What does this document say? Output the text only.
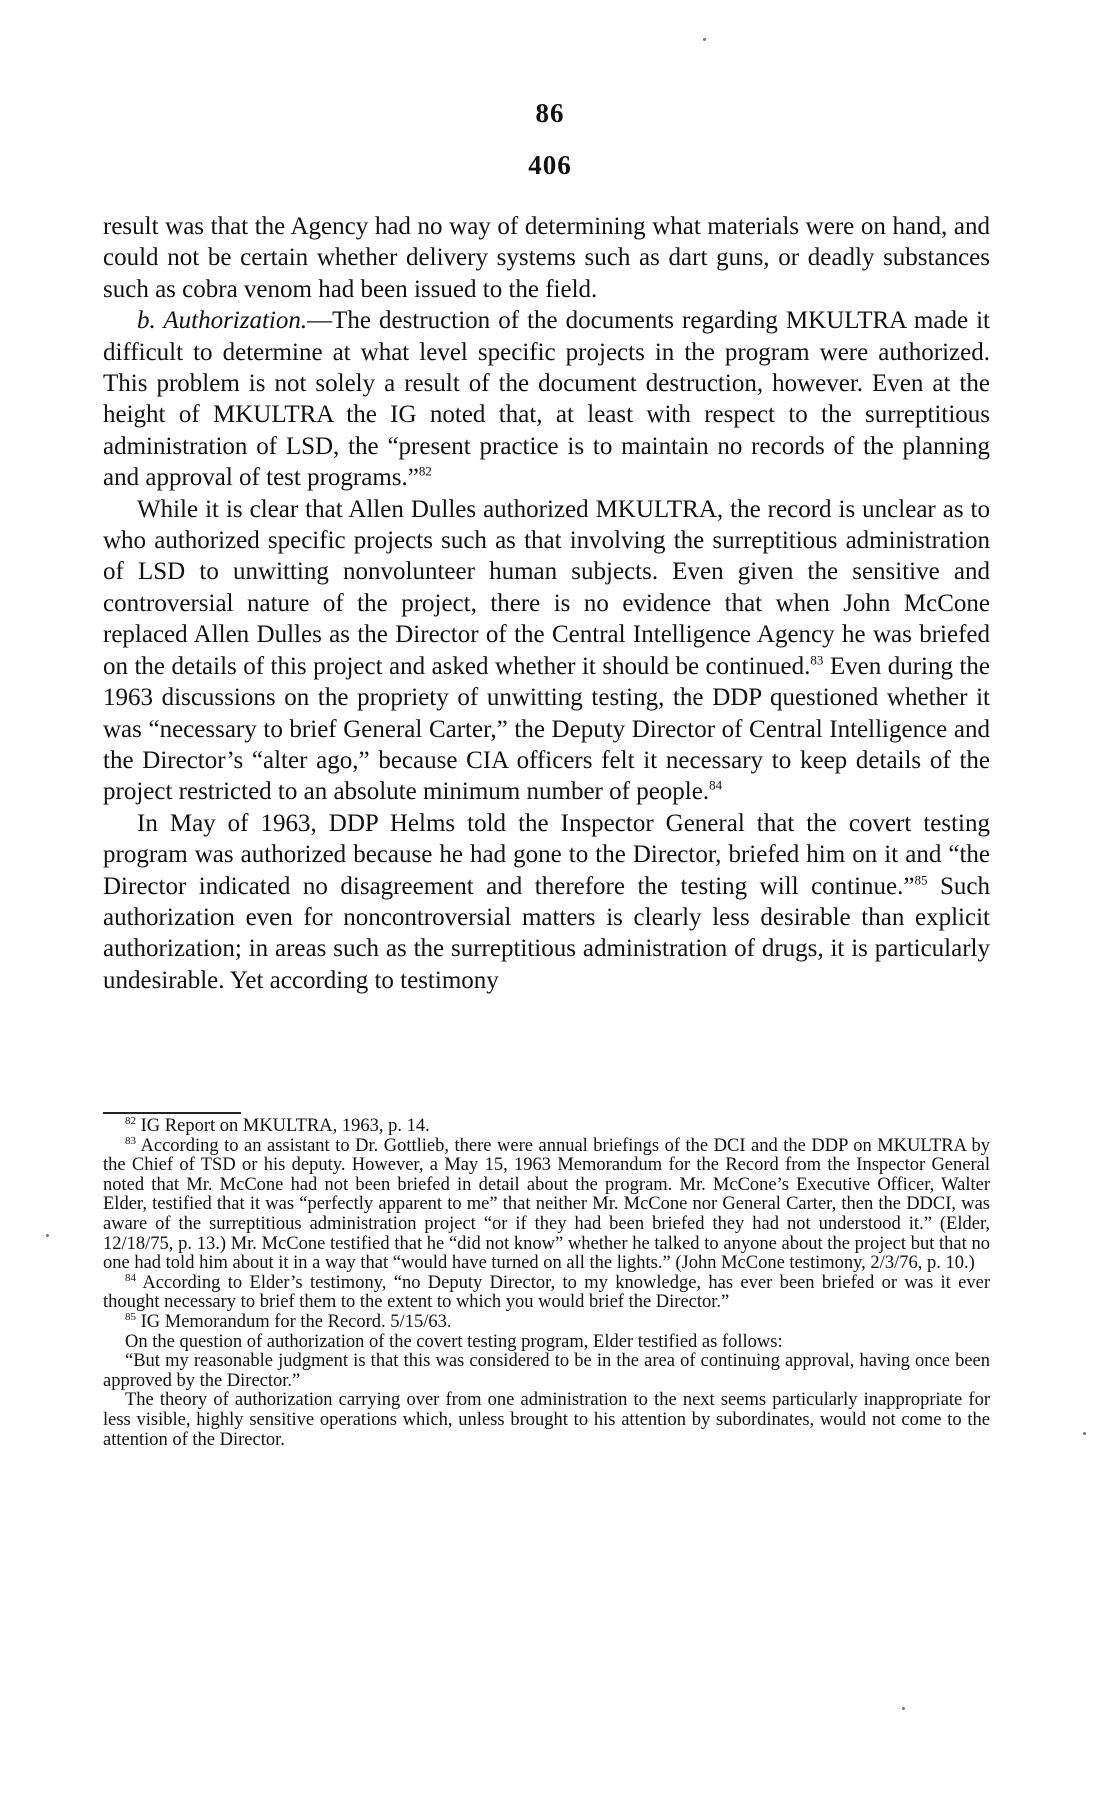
86
406

result was that the Agency had no way of determining what materials were on hand, and could not be certain whether delivery systems such as dart guns, or deadly substances such as cobra venom had been issued to the field.

b. Authorization.—The destruction of the documents regarding MKULTRA made it difficult to determine at what level specific projects in the program were authorized. This problem is not solely a result of the document destruction, however. Even at the height of MKULTRA the IG noted that, at least with respect to the surreptitious administration of LSD, the “present practice is to maintain no records of the planning and approval of test programs.”$^{82}$

While it is clear that Allen Dulles authorized MKULTRA, the record is unclear as to who authorized specific projects such as that involving the surreptitious administration of LSD to unwitting nonvolunteer human subjects. Even given the sensitive and controversial nature of the project, there is no evidence that when John McCone replaced Allen Dulles as the Director of the Central Intelligence Agency he was briefed on the details of this project and asked whether it should be continued.$^{83}$ Even during the 1963 discussions on the propriety of unwitting testing, the DDP questioned whether it was “necessary to brief General Carter,” the Deputy Director of Central Intelligence and the Director’s “alter ago,” because CIA officers felt it necessary to keep details of the project restricted to an absolute minimum number of people.$^{84}$

In May of 1963, DDP Helms told the Inspector General that the covert testing program was authorized because he had gone to the Director, briefed him on it and “the Director indicated no disagreement and therefore the testing will continue.”$^{85}$ Such authorization even for noncontroversial matters is clearly less desirable than explicit authorization; in areas such as the surreptitious administration of drugs, it is particularly undesirable. Yet according to testimony

$^{82}$ IG Report on MKULTRA, 1963, p. 14.

$^{83}$ According to an assistant to Dr. Gottlieb, there were annual briefings of the DCI and the DDP on MKULTRA by the Chief of TSD or his deputy. However, a May 15, 1963 Memorandum for the Record from the Inspector General noted that Mr. McCone had not been briefed in detail about the program. Mr. McCone’s Executive Officer, Walter Elder, testified that it was “perfectly apparent to me” that neither Mr. McCone nor General Carter, then the DDCI, was aware of the surreptitious administration project “or if they had been briefed they had not understood it.” (Elder, 12/18/75, p. 13.) Mr. McCone testified that he “did not know” whether he talked to anyone about the project but that no one had told him about it in a way that “would have turned on all the lights.” (John McCone testimony, 2/3/76, p. 10.)

$^{84}$ According to Elder’s testimony, “no Deputy Director, to my knowledge, has ever been briefed or was it ever thought necessary to brief them to the extent to which you would brief the Director.”

$^{85}$ IG Memorandum for the Record. 5/15/63.

On the question of authorization of the covert testing program, Elder testified as follows:

“But my reasonable judgment is that this was considered to be in the area of continuing approval, having once been approved by the Director.”

The theory of authorization carrying over from one administration to the next seems particularly inappropriate for less visible, highly sensitive operations which, unless brought to his attention by subordinates, would not come to the attention of the Director.
